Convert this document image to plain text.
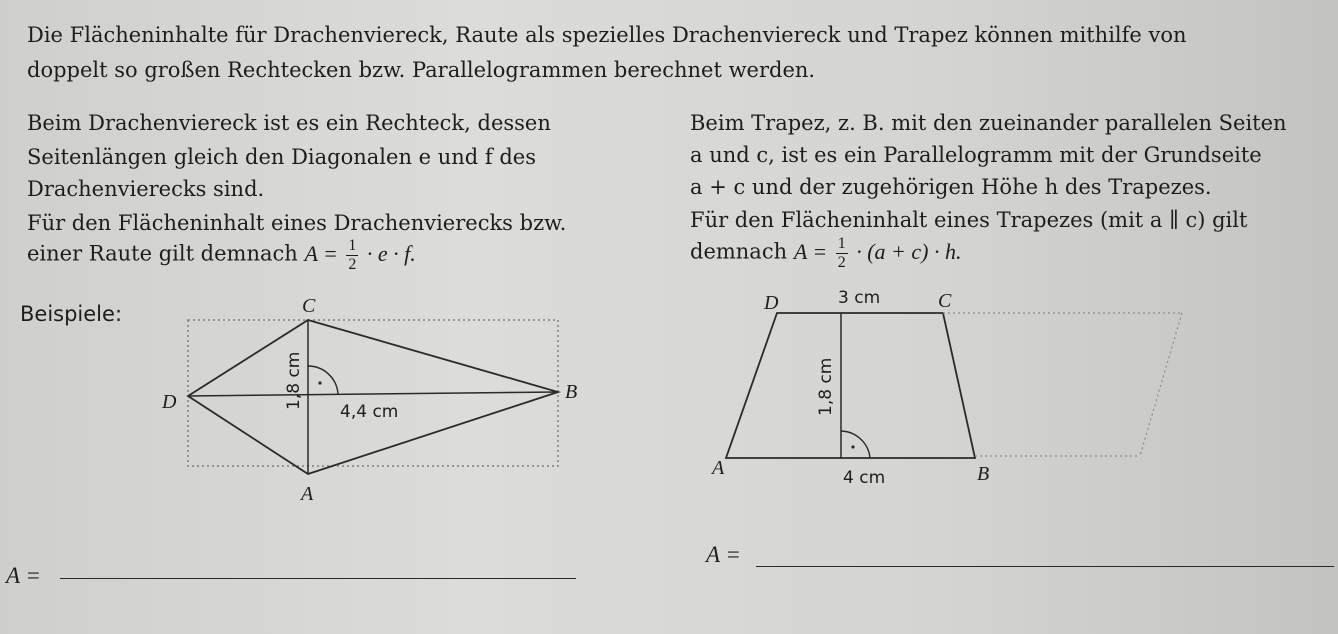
Die Flächeninhalte für Drachenviereck, Raute als spezielles Drachenviereck und Trapez können mithilfe von
doppelt so großen Rechtecken bzw. Parallelogrammen berechnet werden.
Beim Drachenviereck ist es ein Rechteck, dessen
Seitenlängen gleich den Diagonalen e und f des
Drachenvierecks sind.
Für den Flächeninhalt eines Drachenvierecks bzw.
einer Raute gilt demnach $A = \frac{1}{2} \cdot e \cdot f$.
Beim Trapez, z. B. mit den zueinander parallelen Seiten
a und c, ist es ein Parallelogramm mit der Grundseite
a + c und der zugehörigen Höhe h des Trapezes.
Für den Flächeninhalt eines Trapezes (mit a ∥ c) gilt
demnach $A = \frac{1}{2} \cdot (a + c) \cdot h$.
Beispiele:	C
D	B
A
1,8 cm
4,4 cm
D	C
A	B
3 cm
4 cm
1,8 cm
A =
A =
